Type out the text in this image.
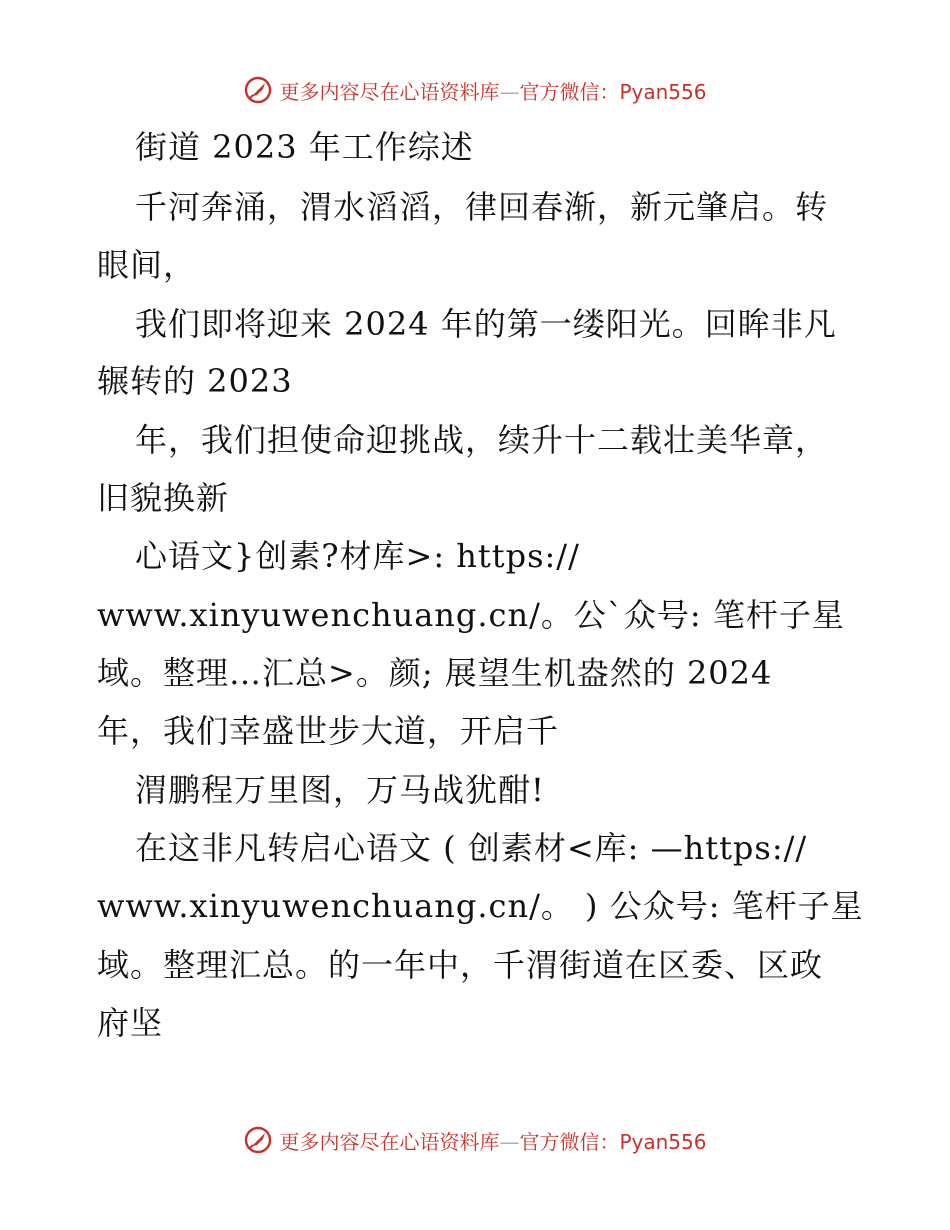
更多内容尽在心语资料库—官方微信：Pyan556
街道 2023 年工作综述
千河奔涌，渭水滔滔，律回春渐，新元肇启。转
眼间，
我们即将迎来 2024 年的第一缕阳光。回眸非凡
辗转的 2023
年，我们担使命迎挑战，续升十二载壮美华章，
旧貌换新
心语文}创素?材库>: https://
www.xinyuwenchuang.cn/。公`众号: 笔杆子星
域。整理…汇总>。颜; 展望生机盎然的 2024
年，我们幸盛世步大道，开启千
渭鹏程万里图，万马战犹酣!
在这非凡转启心语文 ( 创素材<库: —https://
www.xinyuwenchuang.cn/。 ) 公众号: 笔杆子星
域。整理汇总。的一年中，千渭街道在区委、区政
府坚
更多内容尽在心语资料库—官方微信：Pyan556
